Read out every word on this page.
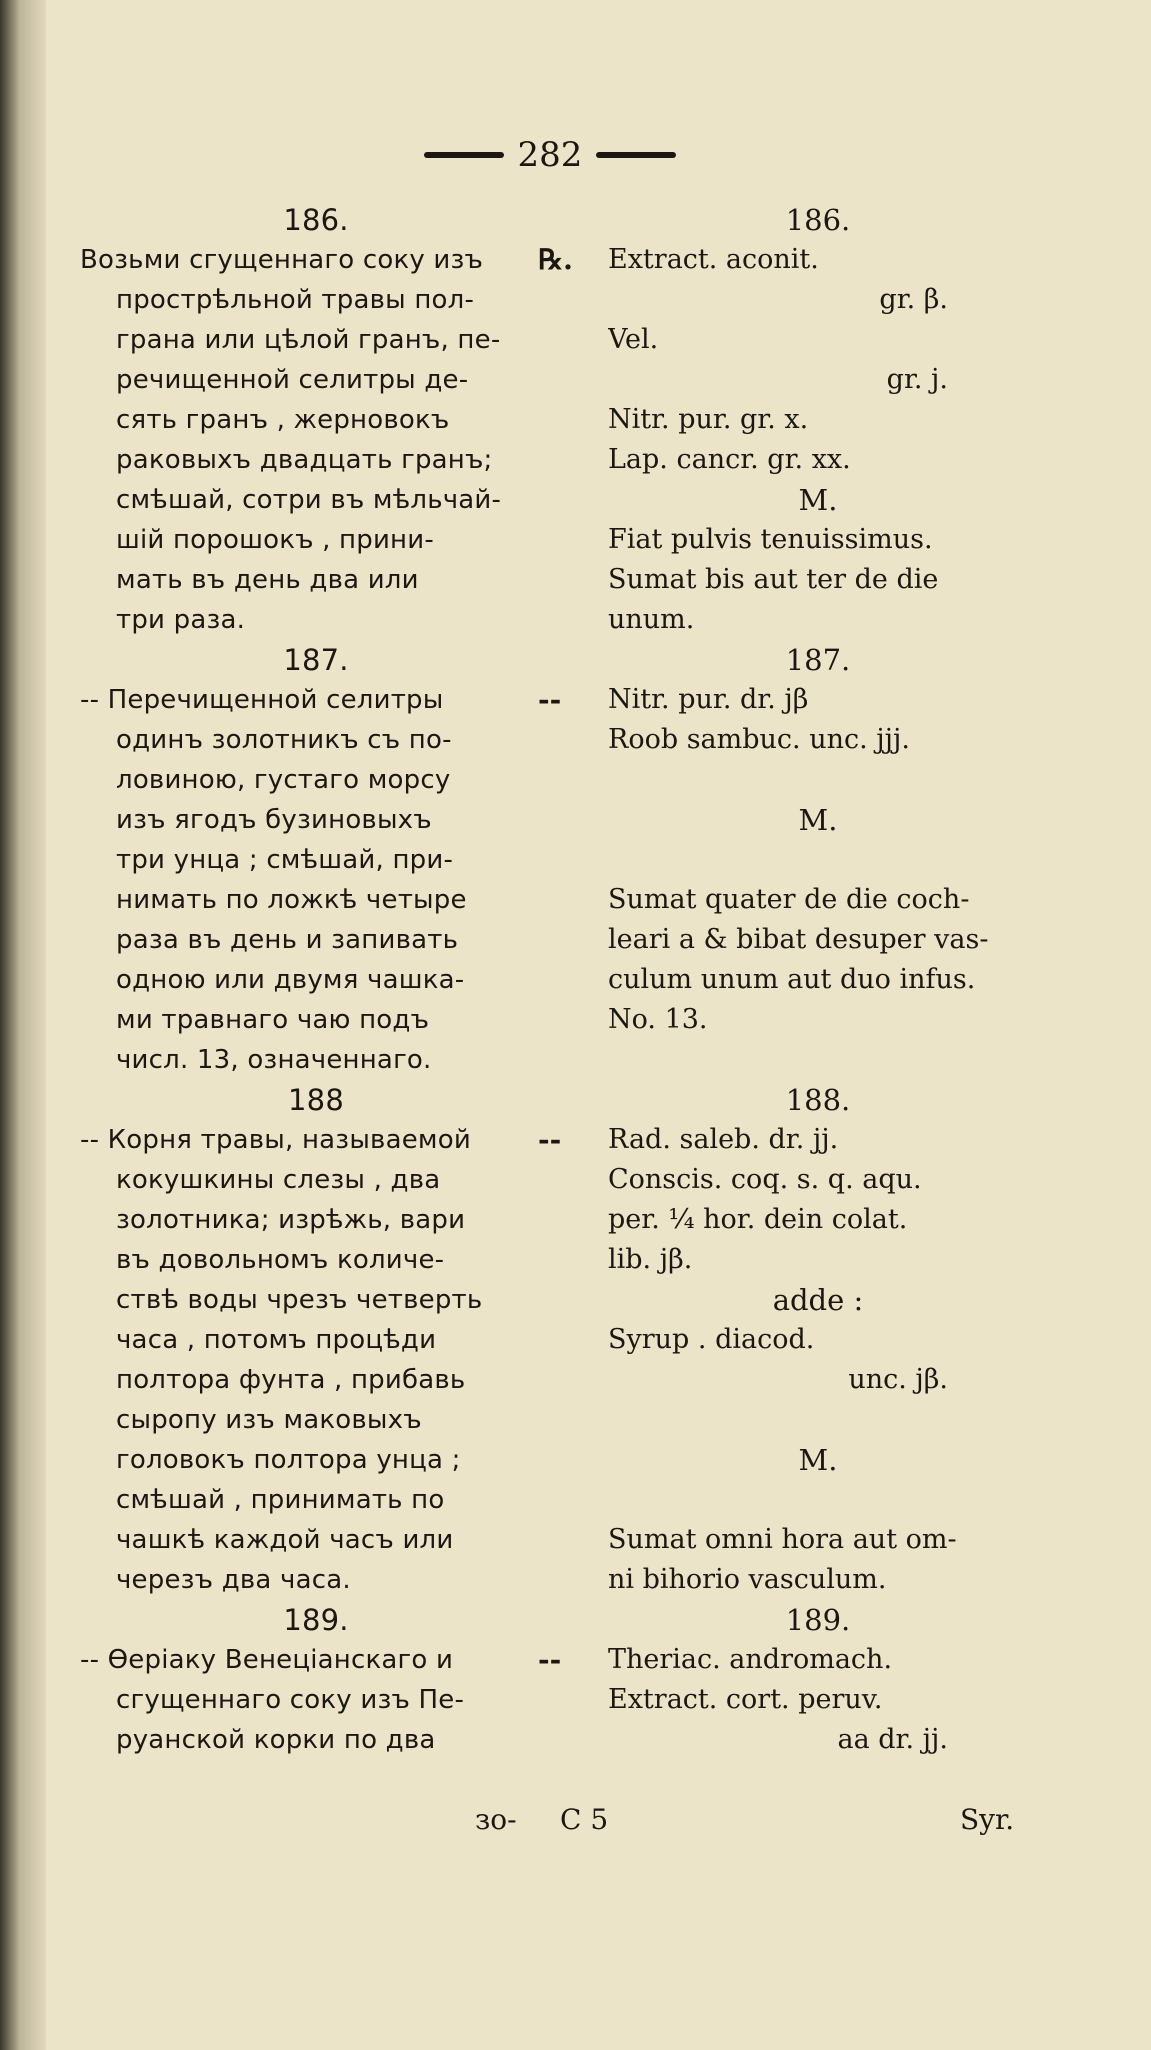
282
186.
Возьми сгущеннаго соку изъ
прострѣльной травы пол-
грана или цѣлой гранъ, пе-
речищенной селитры де-
сять гранъ , жерновокъ
раковыхъ двадцать гранъ;
смѣшай, сотри въ мѣльчай-
шій порошокъ , прини-
мать въ день два или
три раза.
187.
-- Перечищенной селитры
одинъ золотникъ съ по-
ловиною, густаго морсу
изъ ягодъ бузиновыхъ
три унца ; смѣшай, при-
нимать по ложкѣ четыре
раза въ день и запивать
одною или двумя чашка-
ми травнаго чаю подъ
числ. 13, означеннаго.
188
-- Корня травы, называемой
кокушкины слезы , два
золотника; изрѣжь, вари
въ довольномъ количе-
ствѣ воды чрезъ четверть
часа , потомъ процѣди
полтора фунта , прибавь
сыропу изъ маковыхъ
головокъ полтора унца ;
смѣшай , принимать по
чашкѣ каждой часъ или
черезъ два часа.
189.
-- Ѳеріаку Венеціанскаго и
сгущеннаго соку изъ Пе-
руанской корки по два
℞.
--
--
--
186.
Extract. aconit.
gr. β.
Vel.
gr. j.
Nitr. pur. gr. x.
Lap. cancr. gr. xx.
M.
Fiat pulvis tenuissimus.
Sumat bis aut ter de die
unum.
187.
Nitr. pur. dr. jβ
Roob sambuc. unc. jjj.
M.
Sumat quater de die coch-
leari a & bibat desuper vas-
culum unum aut duo infus.
No. 13.
188.
Rad. saleb. dr. jj.
Conscis. coq. s. q. aqu.
per. ¼ hor. dein colat.
lib. jβ.
adde :
Syrup . diacod.
unc. jβ.
M.
Sumat omni hora aut om-
ni bihorio vasculum.
189.
Theriac. andromach.
Extract. cort. peruv.
aa dr. jj.
зо- C 5	Syr.
